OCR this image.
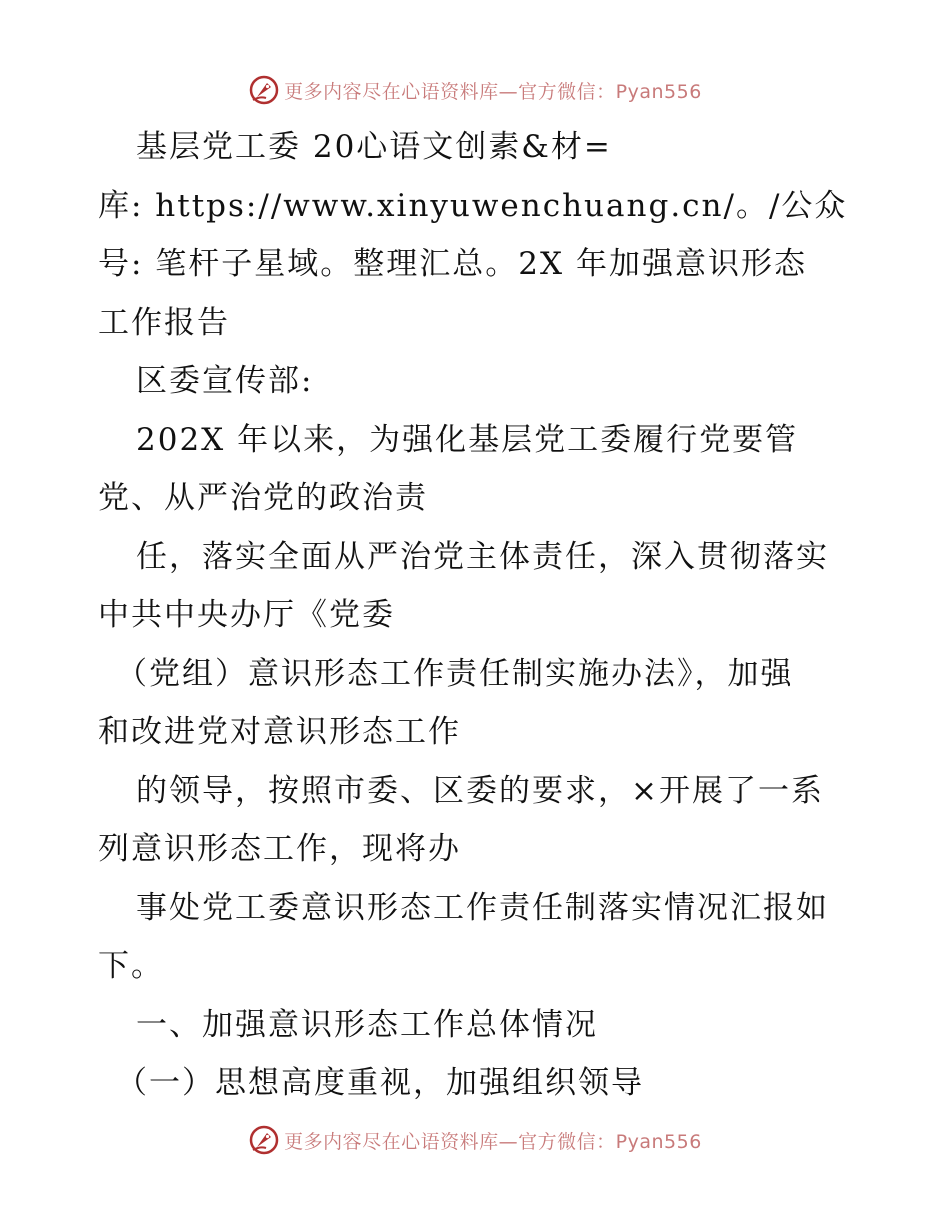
更多内容尽在心语资料库—官方微信：Pyan556
基层党工委 20心语文创素&材=
库: https://www.xinyuwenchuang.cn/。/公众
号: 笔杆子星域。整理汇总。2X 年加强意识形态
工作报告
区委宣传部:
202X 年以来，为强化基层党工委履行党要管
党、从严治党的政治责
任，落实全面从严治党主体责任，深入贯彻落实
中共中央办厅《党委
（党组）意识形态工作责任制实施办法》，加强
和改进党对意识形态工作
的领导，按照市委、区委的要求，×开展了一系
列意识形态工作，现将办
事处党工委意识形态工作责任制落实情况汇报如
下。
一、加强意识形态工作总体情况
（一）思想高度重视，加强组织领导
更多内容尽在心语资料库—官方微信：Pyan556
